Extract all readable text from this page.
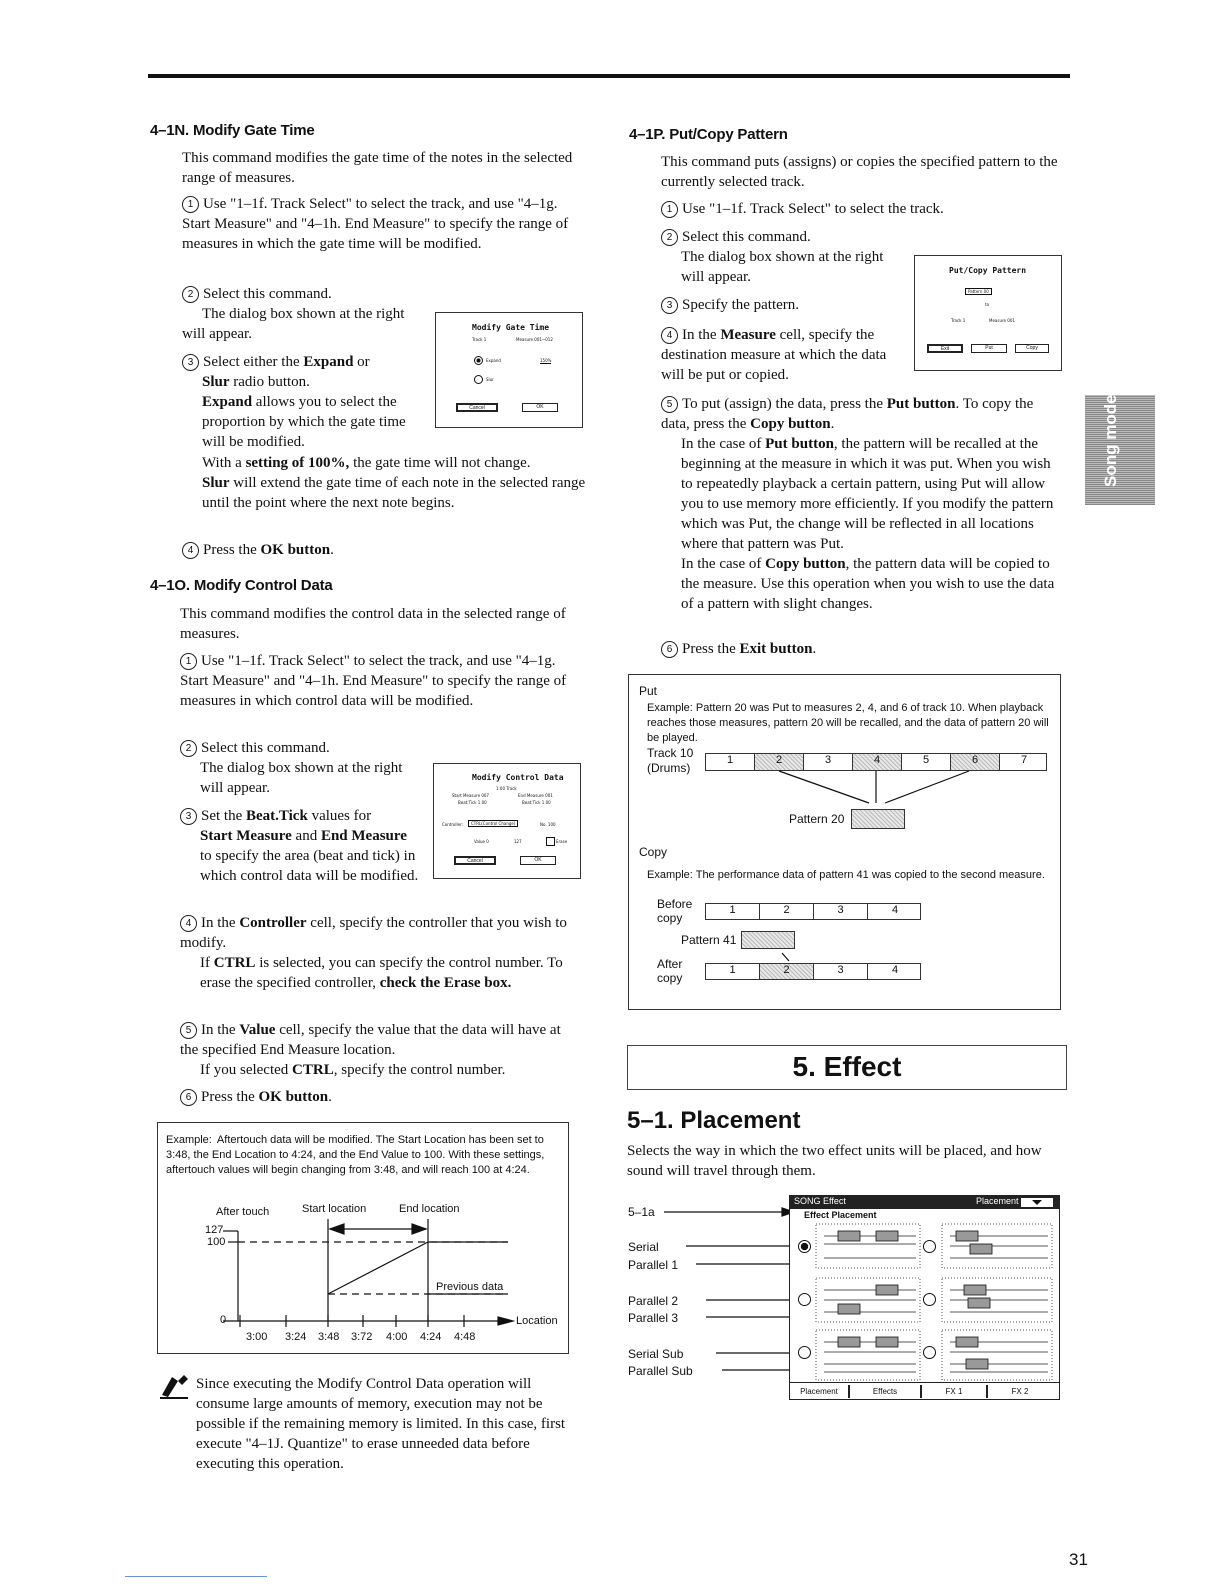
4–1N. Modify Gate Time
This command modifies the gate time of the notes in the selected range of measures.
1 Use "1–1f. Track Select" to select the track, and use "4–1g. Start Measure" and "4–1h. End Measure" to specify the range of measures in which the gate time will be modified.
2 Select this command.
The dialog box shown at the right will appear.
3 Select either the Expand or
Slur radio button.

Expand allows you to select the proportion by which the gate time will be modified.
With a setting of 100%, the gate time will not change.
Slur will extend the gate time of each note in the selected range until the point where the next note begins.
4 Press the OK button.
Modify Gate Time
Track 1	Measure 001~012
Expand	150%
Slur
Cancel	OK
4–1O. Modify Control Data
This command modifies the control data in the selected range of measures.
1 Use "1–1f. Track Select" to select the track, and use "4–1g. Start Measure" and "4–1h. End Measure" to specify the range of measures in which control data will be modified.
2 Select this command.

The dialog box shown at the right will appear.
3 Set the Beat.Tick values for

Start Measure and End Measure to specify the area (beat and tick) in which control data will be modified.
4 In the Controller cell, specify the controller that you wish to modify.

If CTRL is selected, you can specify the control number. To erase the specified controller, check the Erase box.
5 In the Value cell, specify the value that the data will have at the specified End Measure location.

If you selected CTRL, specify the control number.
6 Press the OK button.
Modify Control Data
1:00 Track
Start Measure 007	End Measure 001
Beat:Tick 1.00	Beat:Tick 1.00
Controller:	CTRL(Control Change)	No. 100
Value 0	127	Erase
Cancel	OK
Example: Aftertouch data will be modified. The Start Location has been set to 3:48, the End Location to 4:24, and the End Value to 100. With these settings, aftertouch values will begin changing from 3:48, and will reach 100 at 4:24.
After touch	Start location	End location
127
100
0
Previous data
Location
3:00 3:24 3:48 3:72 4:00 4:24 4:48
Since executing the Modify Control Data operation will consume large amounts of memory, execution may not be possible if the remaining memory is limited. In this case, first execute "4–1J. Quantize" to erase unneeded data before executing this operation.
4–1P. Put/Copy Pattern
This command puts (assigns) or copies the specified pattern to the currently selected track.
1 Use "1–1f. Track Select" to select the track.
2 Select this command.

The dialog box shown at the right will appear.
3 Specify the pattern.
4 In the Measure cell, specify the destination measure at which the data will be put or copied.
5 To put (assign) the data, press the Put button. To copy the data, press the Copy button.

In the case of Put button, the pattern will be recalled at the beginning at the measure in which it was put. When you wish to repeatedly playback a certain pattern, using Put will allow you to use memory more efficiently. If you modify the pattern which was Put, the change will be reflected in all locations where that pattern was Put.
In the case of Copy button, the pattern data will be copied to the measure. Use this operation when you wish to use the data of a pattern with slight changes.
6 Press the Exit button.
Put/Copy Pattern
Pattern 00
to
Track 1	Measure 001
Exit	Put	Copy
Put
Example: Pattern 20 was Put to measures 2, 4, and 6 of track 10. When playback reaches those measures, pattern 20 will be recalled, and the data of pattern 20 will be played.
Track 10
(Drums)
1	2	3	4	5	6	7
Pattern 20
Copy
Example: The performance data of pattern 41 was copied to the second measure.
Before
copy
1	2	3	4
Pattern 41
After
copy
1	2	3	4
Song mode
5. Effect
5–1. Placement
Selects the way in which the two effect units will be placed, and how sound will travel through them.
5–1a
Serial
Parallel 1
Parallel 2
Parallel 3
Serial Sub
Parallel Sub
SONG Effect	Placement
Effect Placement
Placement	Effects	FX 1	FX 2
31
